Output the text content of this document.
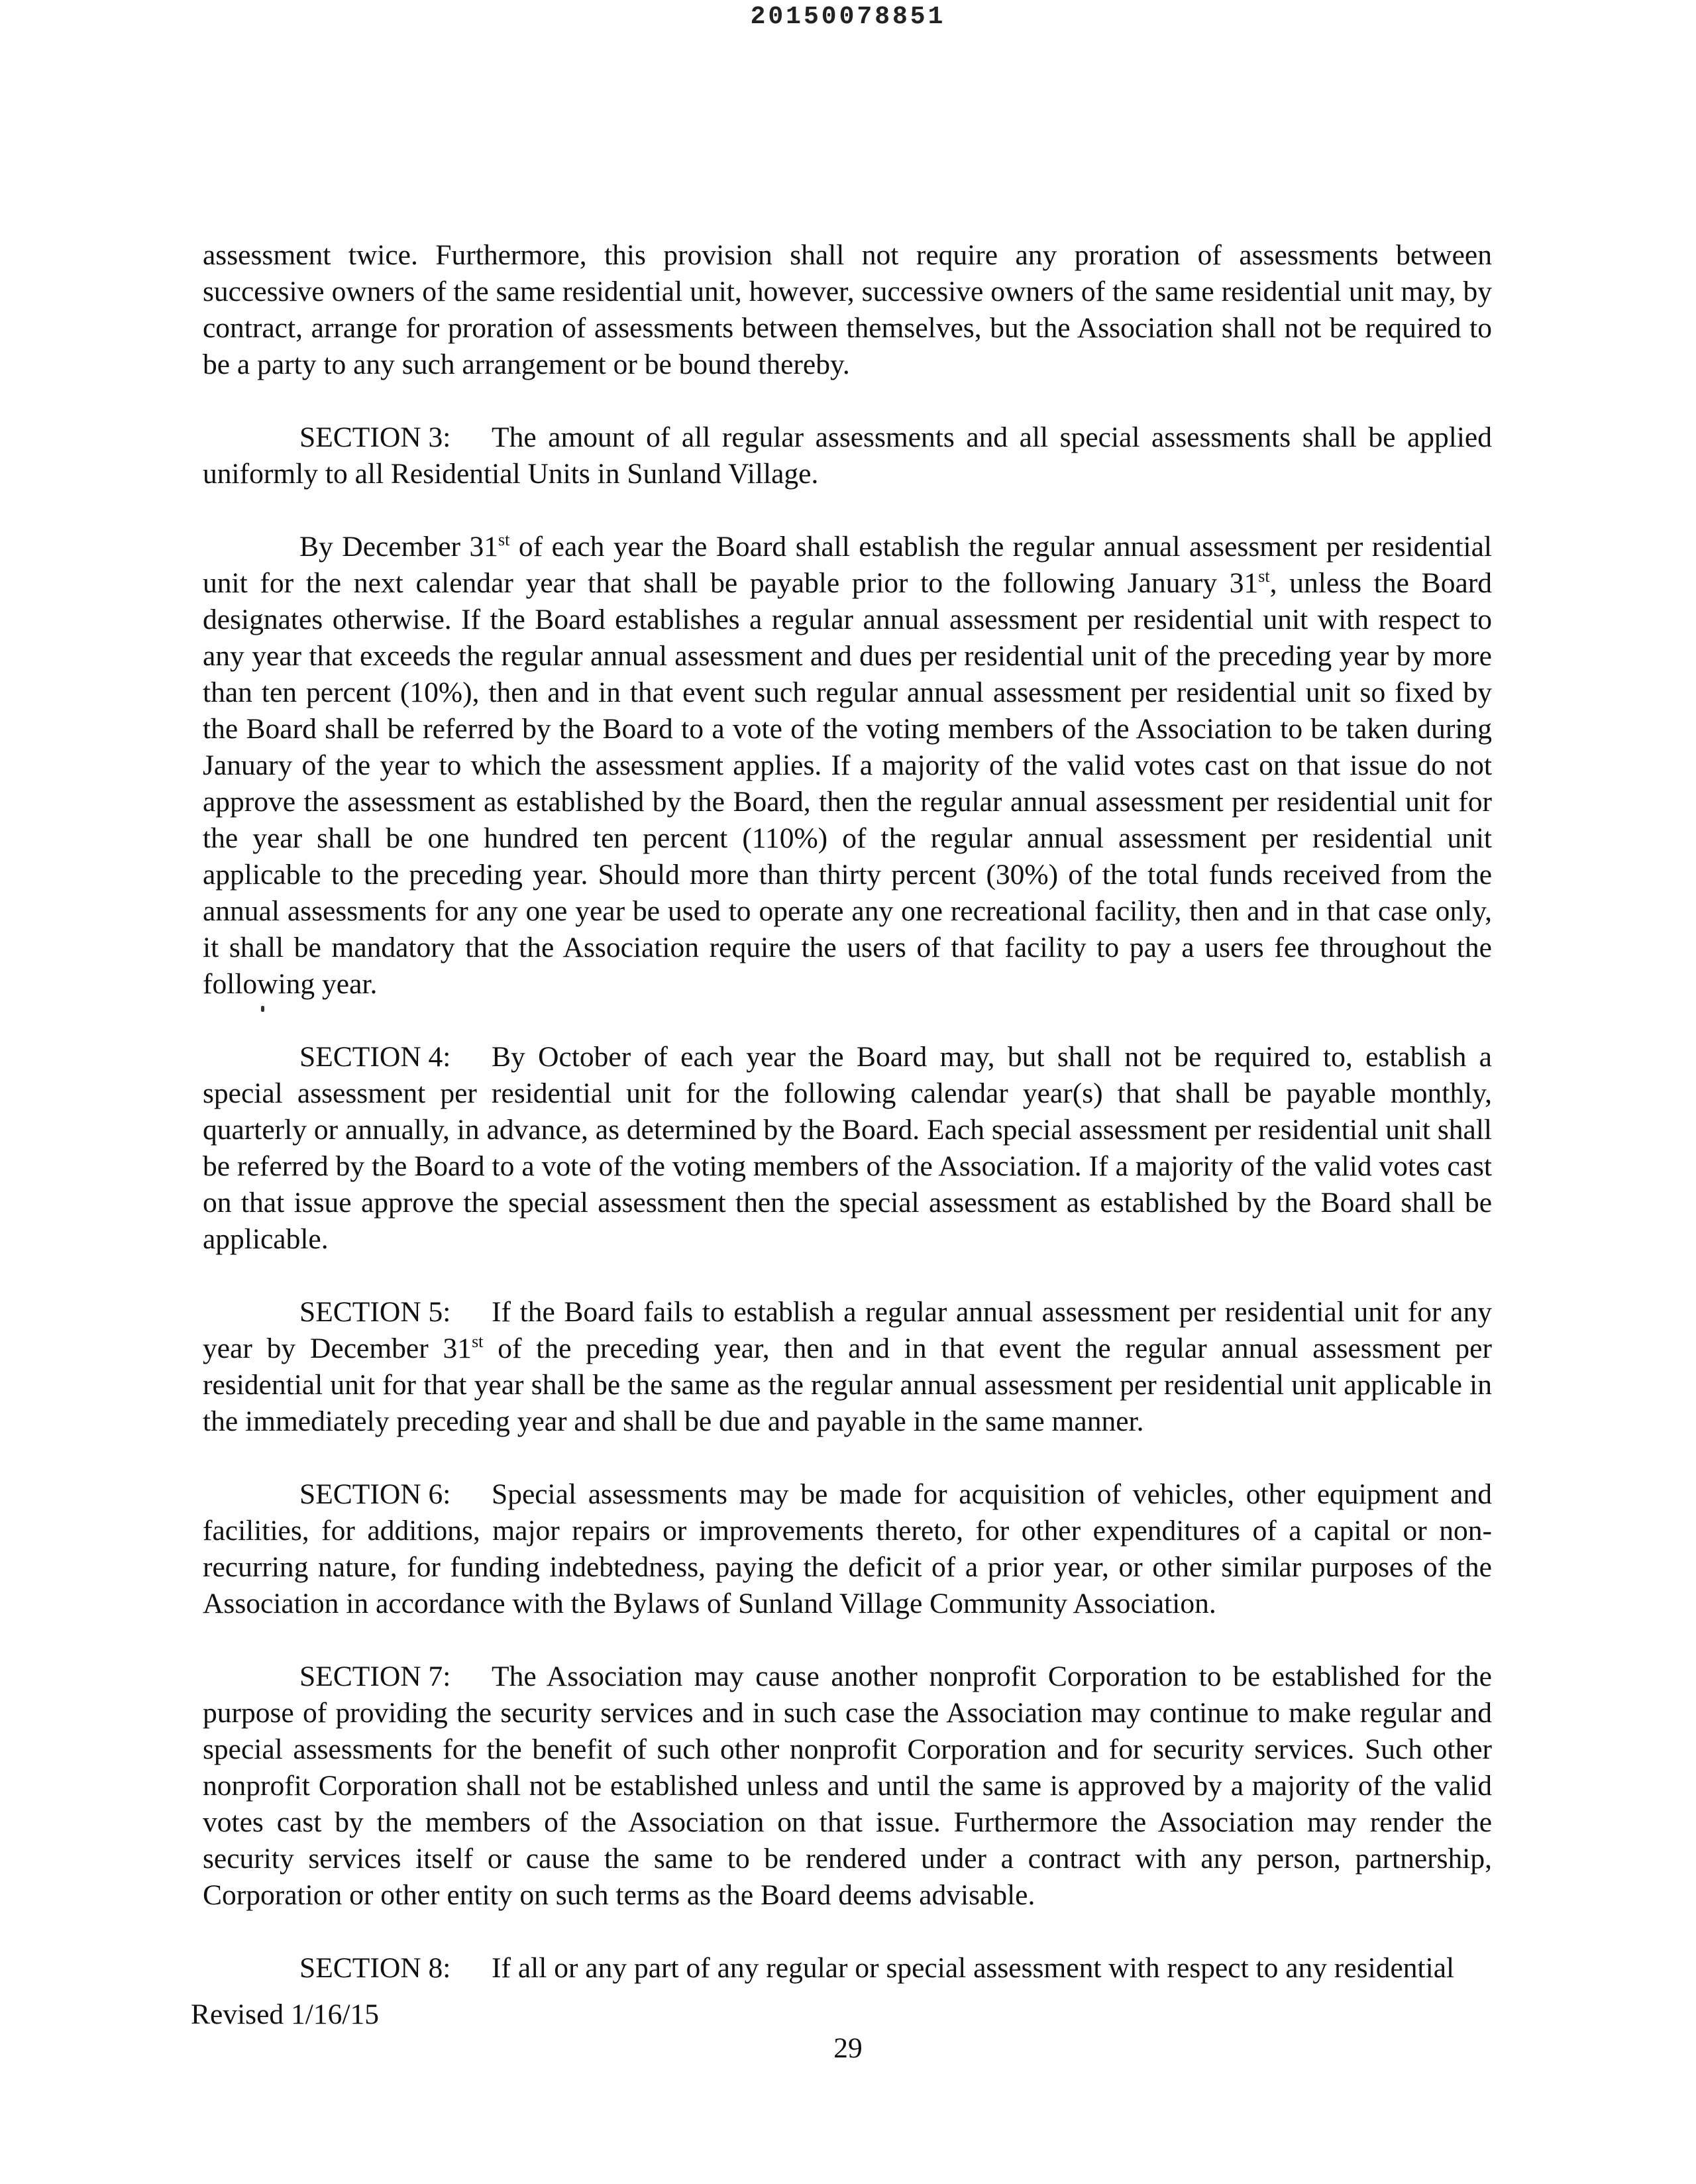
20150078851

assessment twice. Furthermore, this provision shall not require any proration of assessments between successive owners of the same residential unit, however, successive owners of the same residential unit may, by contract, arrange for proration of assessments between themselves, but the Association shall not be required to be a party to any such arrangement or be bound thereby.

SECTION 3: The amount of all regular assessments and all special assessments shall be applied uniformly to all Residential Units in Sunland Village.

By December 31st of each year the Board shall establish the regular annual assessment per residential unit for the next calendar year that shall be payable prior to the following January 31st, unless the Board designates otherwise. If the Board establishes a regular annual assessment per residential unit with respect to any year that exceeds the regular annual assessment and dues per residential unit of the preceding year by more than ten percent (10%), then and in that event such regular annual assessment per residential unit so fixed by the Board shall be referred by the Board to a vote of the voting members of the Association to be taken during January of the year to which the assessment applies. If a majority of the valid votes cast on that issue do not approve the assessment as established by the Board, then the regular annual assessment per residential unit for the year shall be one hundred ten percent (110%) of the regular annual assessment per residential unit applicable to the preceding year. Should more than thirty percent (30%) of the total funds received from the annual assessments for any one year be used to operate any one recreational facility, then and in that case only, it shall be mandatory that the Association require the users of that facility to pay a users fee throughout the following year.

SECTION 4: By October of each year the Board may, but shall not be required to, establish a special assessment per residential unit for the following calendar year(s) that shall be payable monthly, quarterly or annually, in advance, as determined by the Board. Each special assessment per residential unit shall be referred by the Board to a vote of the voting members of the Association. If a majority of the valid votes cast on that issue approve the special assessment then the special assessment as established by the Board shall be applicable.

SECTION 5: If the Board fails to establish a regular annual assessment per residential unit for any year by December 31st of the preceding year, then and in that event the regular annual assessment per residential unit for that year shall be the same as the regular annual assessment per residential unit applicable in the immediately preceding year and shall be due and payable in the same manner.

SECTION 6: Special assessments may be made for acquisition of vehicles, other equipment and facilities, for additions, major repairs or improvements thereto, for other expenditures of a capital or non-recurring nature, for funding indebtedness, paying the deficit of a prior year, or other similar purposes of the Association in accordance with the Bylaws of Sunland Village Community Association.

SECTION 7: The Association may cause another nonprofit Corporation to be established for the purpose of providing the security services and in such case the Association may continue to make regular and special assessments for the benefit of such other nonprofit Corporation and for security services. Such other nonprofit Corporation shall not be established unless and until the same is approved by a majority of the valid votes cast by the members of the Association on that issue. Furthermore the Association may render the security services itself or cause the same to be rendered under a contract with any person, partnership, Corporation or other entity on such terms as the Board deems advisable.

SECTION 8: If all or any part of any regular or special assessment with respect to any residential

Revised 1/16/15
29
